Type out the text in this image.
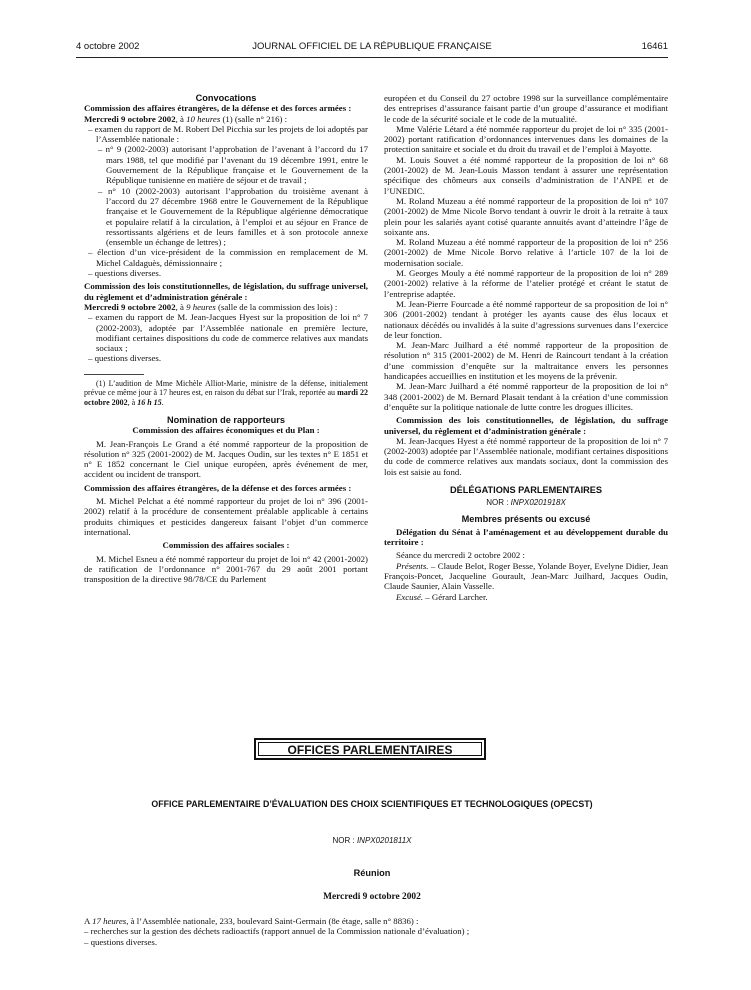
4 octobre 2002	JOURNAL OFFICIEL DE LA RÉPUBLIQUE FRANÇAISE	16461

Convocations

Commission des affaires étrangères, de la défense et des forces armées :

Mercredi 9 octobre 2002, à 10 heures (1) (salle n° 216) :

– examen du rapport de M. Robert Del Picchia sur les projets de loi adoptés par l’Assemblée nationale :

– n° 9 (2002-2003) autorisant l’approbation de l’avenant à l’accord du 17 mars 1988, tel que modifié par l’avenant du 19 décembre 1991, entre le Gouvernement de la République française et le Gouvernement de la République tunisienne en matière de séjour et de travail ;

– n° 10 (2002-2003) autorisant l’approbation du troisième avenant à l’accord du 27 décembre 1968 entre le Gouvernement de la République française et le Gouvernement de la République algérienne démocratique et populaire relatif à la circulation, à l’emploi et au séjour en France de ressortissants algériens et de leurs familles et à son protocole annexe (ensemble un échange de lettres) ;

– élection d’un vice-président de la commission en remplacement de M. Michel Caldaguès, démissionnaire ;

– questions diverses.

Commission des lois constitutionnelles, de législation, du suffrage universel, du règlement et d’administration générale :

Mercredi 9 octobre 2002, à 9 heures (salle de la commission des lois) :

– examen du rapport de M. Jean-Jacques Hyest sur la proposition de loi n° 7 (2002-2003), adoptée par l’Assemblée nationale en première lecture, modifiant certaines dispositions du code de commerce relatives aux mandats sociaux ;

– questions diverses.

(1) L’audition de Mme Michèle Alliot-Marie, ministre de la défense, initialement prévue ce même jour à 17 heures est, en raison du débat sur l’Irak, reportée au mardi 22 octobre 2002, à 16 h 15.

Nomination de rapporteurs

Commission des affaires économiques et du Plan :

M. Jean-François Le Grand a été nommé rapporteur de la proposition de résolution n° 325 (2001-2002) de M. Jacques Oudin, sur les textes n° E 1851 et n° E 1852 concernant le Ciel unique européen, après événement de mer, accident ou incident de transport.

Commission des affaires étrangères, de la défense et des forces armées :

M. Michel Pelchat a été nommé rapporteur du projet de loi n° 396 (2001-2002) relatif à la procédure de consentement préalable applicable à certains produits chimiques et pesticides dangereux faisant l’objet d’un commerce international.

Commission des affaires sociales :

M. Michel Esneu a été nommé rapporteur du projet de loi n° 42 (2001-2002) de ratification de l’ordonnance n° 2001-767 du 29 août 2001 portant transposition de la directive 98/78/CE du Parlement

européen et du Conseil du 27 octobre 1998 sur la surveillance complémentaire des entreprises d’assurance faisant partie d’un groupe d’assurance et modifiant le code de la sécurité sociale et le code de la mutualité.

Mme Valérie Létard a été nommée rapporteur du projet de loi n° 335 (2001-2002) portant ratification d’ordonnances intervenues dans les domaines de la protection sanitaire et sociale et du droit du travail et de l’emploi à Mayotte.

M. Louis Souvet a été nommé rapporteur de la proposition de loi n° 68 (2001-2002) de M. Jean-Louis Masson tendant à assurer une représentation spécifique des chômeurs aux conseils d’administration de l’ANPE et de l’UNEDIC.

M. Roland Muzeau a été nommé rapporteur de la proposition de loi n° 107 (2001-2002) de Mme Nicole Borvo tendant à ouvrir le droit à la retraite à taux plein pour les salariés ayant cotisé quarante annuités avant d’atteindre l’âge de soixante ans.

M. Roland Muzeau a été nommé rapporteur de la proposition de loi n° 256 (2001-2002) de Mme Nicole Borvo relative à l’article 107 de la loi de modernisation sociale.

M. Georges Mouly a été nommé rapporteur de la proposition de loi n° 289 (2001-2002) relative à la réforme de l’atelier protégé et créant le statut de l’entreprise adaptée.

M. Jean-Pierre Fourcade a été nommé rapporteur de sa proposition de loi n° 306 (2001-2002) tendant à protéger les ayants cause des élus locaux et nationaux décédés ou invalidés à la suite d’agressions survenues dans l’exercice de leur fonction.

M. Jean-Marc Juilhard a été nommé rapporteur de la proposition de résolution n° 315 (2001-2002) de M. Henri de Raincourt tendant à la création d’une commission d’enquête sur la maltraitance envers les personnes handicapées accueillies en institution et les moyens de la prévenir.

M. Jean-Marc Juilhard a été nommé rapporteur de la proposition de loi n° 348 (2001-2002) de M. Bernard Plasait tendant à la création d’une commission d’enquête sur la politique nationale de lutte contre les drogues illicites.

Commission des lois constitutionnelles, de législation, du suffrage universel, du règlement et d’administration générale :

M. Jean-Jacques Hyest a été nommé rapporteur de la proposition de loi n° 7 (2002-2003) adoptée par l’Assemblée nationale, modifiant certaines dispositions du code de commerce relatives aux mandats sociaux, dont la commission des lois est saisie au fond.

DÉLÉGATIONS PARLEMENTAIRES

NOR : INPX0201918X

Membres présents ou excusé

Délégation du Sénat à l’aménagement et au développement durable du territoire :

Séance du mercredi 2 octobre 2002 :

Présents. – Claude Belot, Roger Besse, Yolande Boyer, Evelyne Didier, Jean François-Poncet, Jacqueline Gourault, Jean-Marc Juilhard, Jacques Oudin, Claude Saunier, Alain Vasselle.

Excusé. – Gérard Larcher.

OFFICES PARLEMENTAIRES
OFFICE PARLEMENTAIRE D’ÉVALUATION DES CHOIX SCIENTIFIQUES ET TECHNOLOGIQUES (OPECST)
NOR : INPX0201811X
Réunion
Mercredi 9 octobre 2002

A 17 heures, à l’Assemblée nationale, 233, boulevard Saint-Germain (8e étage, salle n° 8836) :

– recherches sur la gestion des déchets radioactifs (rapport annuel de la Commission nationale d’évaluation) ;

– questions diverses.
